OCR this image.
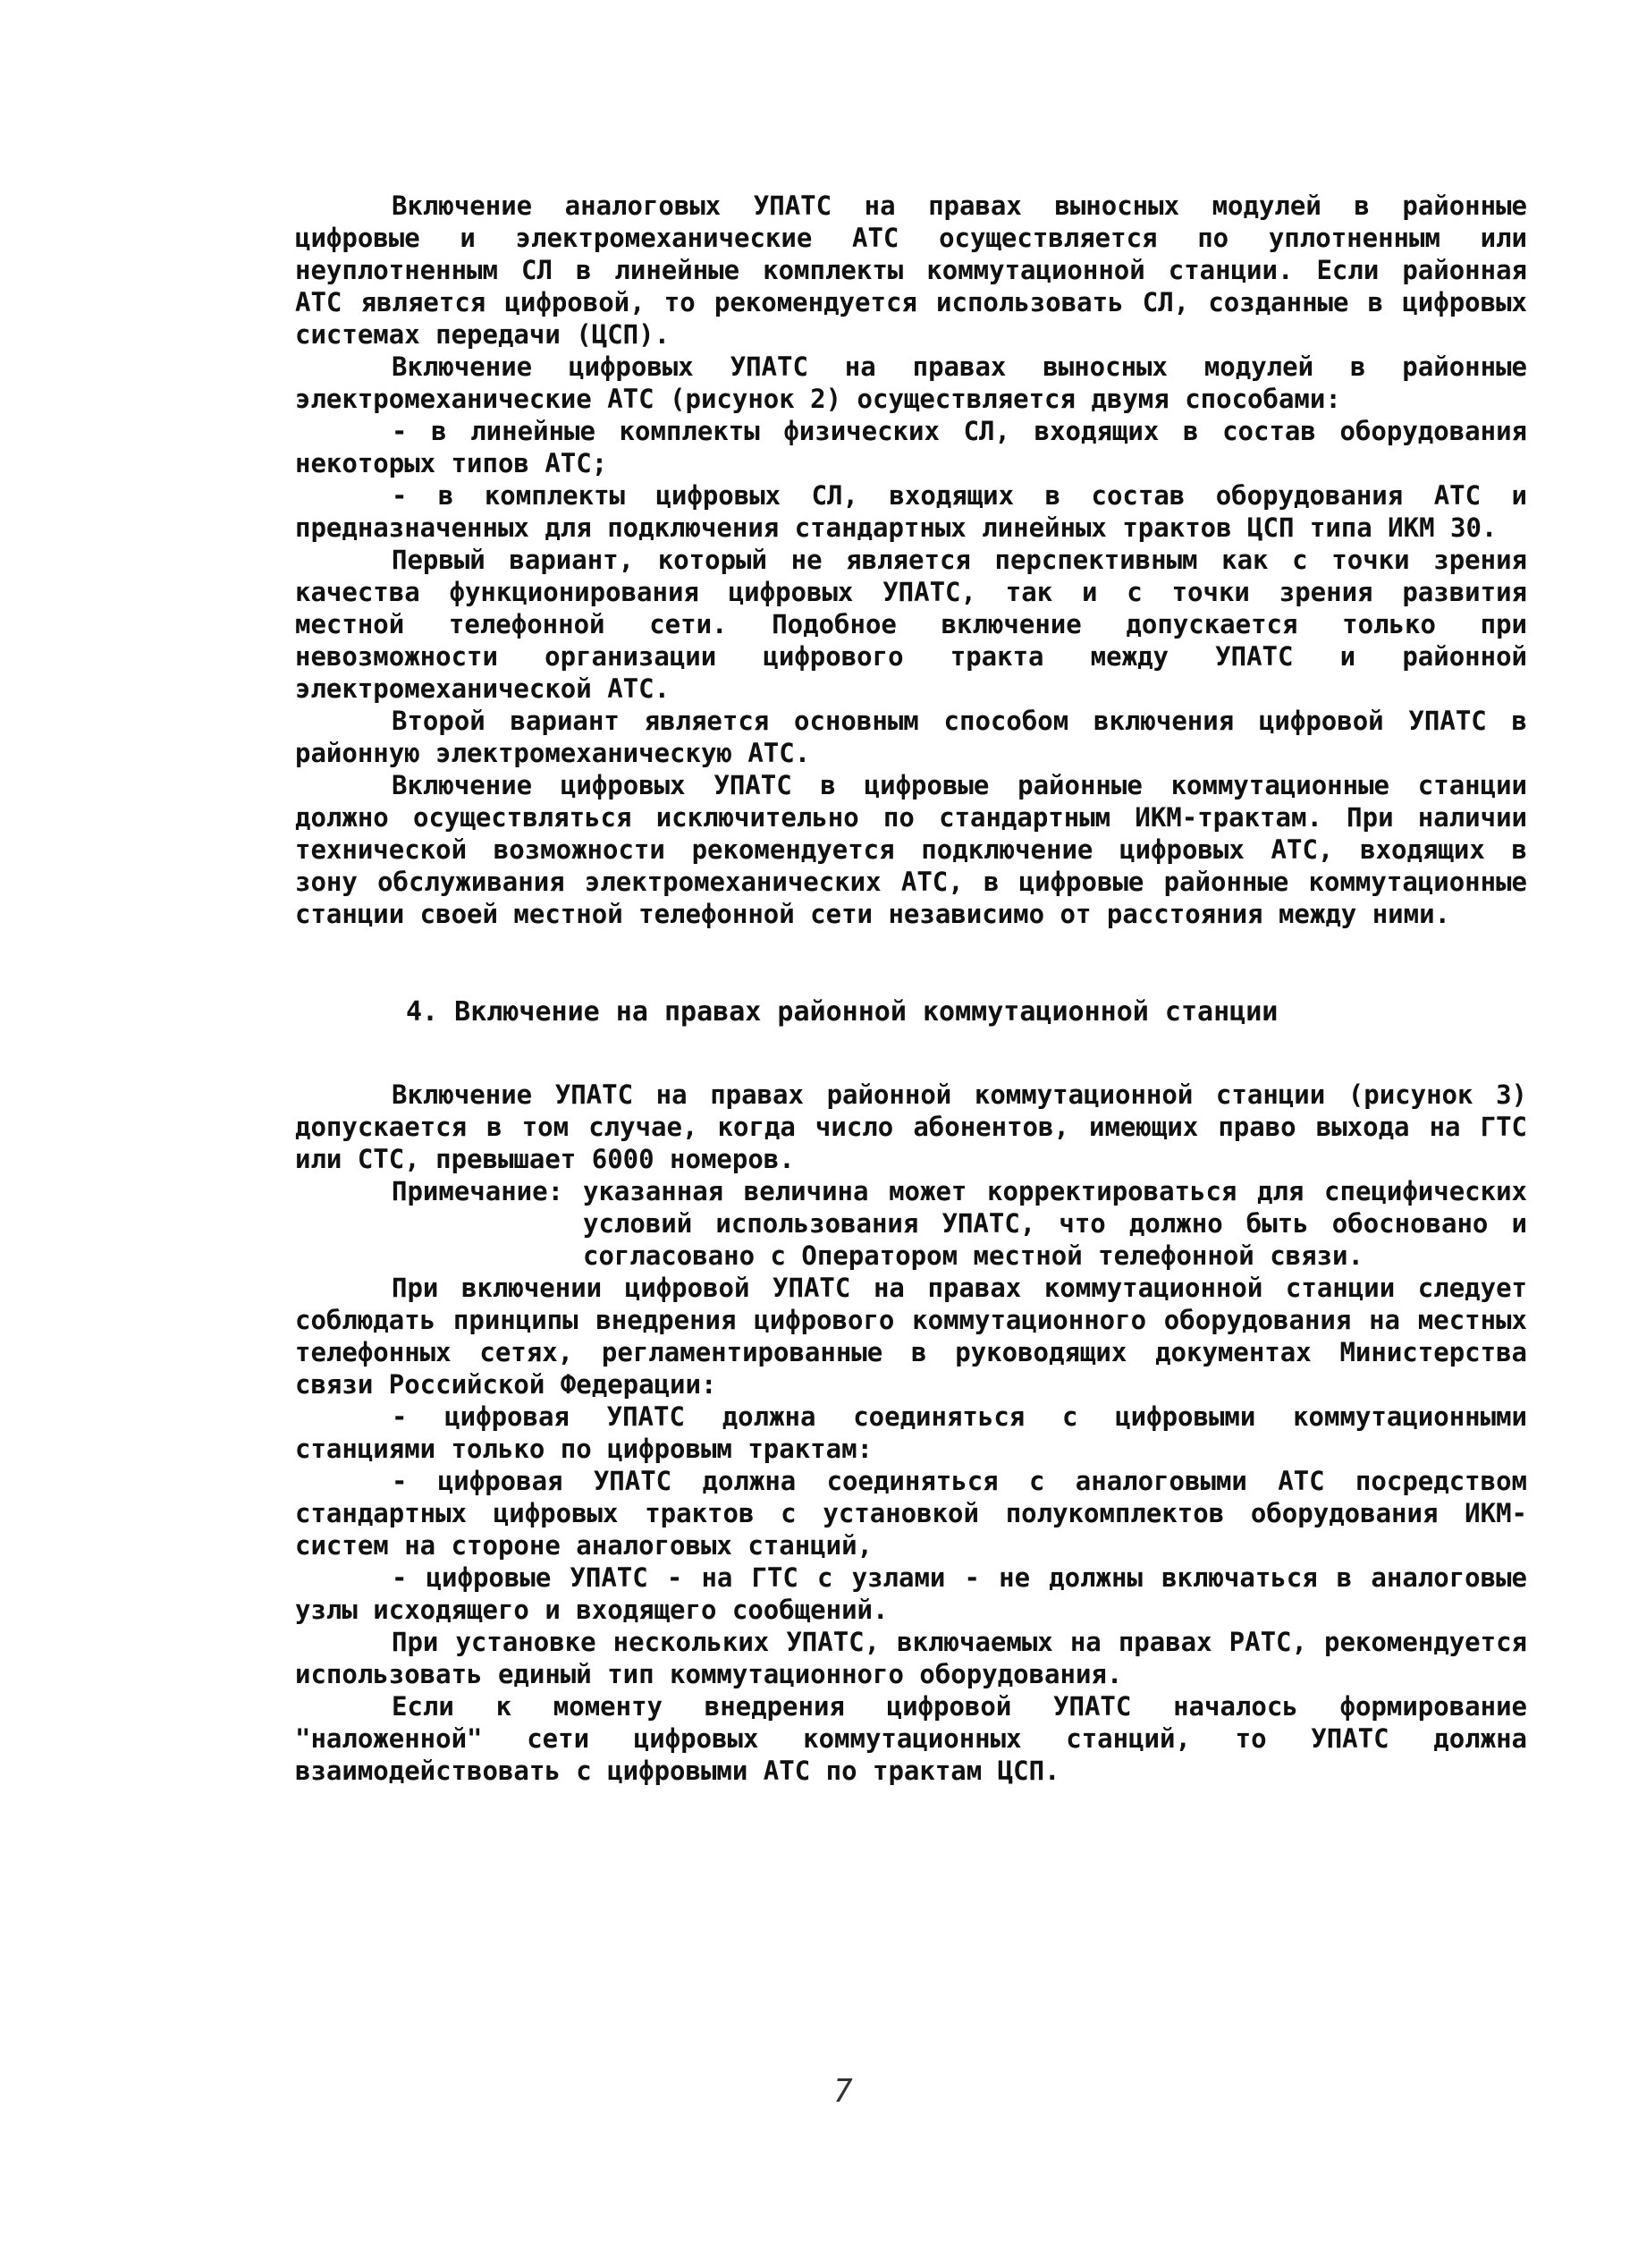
Включение аналоговых УПАТС на правах выносных модулей в районные цифровые и электромеханические АТС осуществляется по уплотненным или неуплотненным СЛ в линейные комплекты коммутационной станции. Если районная АТС является цифровой, то рекомендуется использовать СЛ, созданные в цифровых системах передачи (ЦСП).

Включение цифровых УПАТС на правах выносных модулей в районные электромеханические АТС (рисунок 2) осуществляется двумя способами:

- в линейные комплекты физических СЛ, входящих в состав оборудования некоторых типов АТС;

- в комплекты цифровых СЛ, входящих в состав оборудования АТС и предназначенных для подключения стандартных линейных трактов ЦСП типа ИКМ 30.

Первый вариант, который не является перспективным как с точки зрения качества функционирования цифровых УПАТС, так и с точки зрения развития местной телефонной сети. Подобное включение допускается только при невозможности организации цифрового тракта между УПАТС и районной электромеханической АТС.

Второй вариант является основным способом включения цифровой УПАТС в районную электромеханическую АТС.

Включение цифровых УПАТС в цифровые районные коммутационные станции должно осуществляться исключительно по стандартным ИКМ-трактам. При наличии технической возможности рекомендуется подключение цифровых АТС, входящих в зону обслуживания электромеханических АТС, в цифровые районные коммутационные станции своей местной телефонной сети независимо от расстояния между ними.

4. Включение на правах районной коммутационной станции

Включение УПАТС на правах районной коммутационной станции (рисунок 3) допускается в том случае, когда число абонентов, имеющих право выхода на ГТС или СТС, превышает 6000 номеров.

Примечание: указанная величина может корректироваться для специфических условий использования УПАТС, что должно быть обосновано и согласовано с Оператором местной телефонной связи.

При включении цифровой УПАТС на правах коммутационной станции следует соблюдать принципы внедрения цифрового коммутационного оборудования на местных телефонных сетях, регламентированные в руководящих документах Министерства связи Российской Федерации:

- цифровая УПАТС должна соединяться с цифровыми коммутационными станциями только по цифровым трактам:

- цифровая УПАТС должна соединяться с аналоговыми АТС посредством стандартных цифровых трактов с установкой полукомплектов оборудования ИКМ-систем на стороне аналоговых станций,

- цифровые УПАТС - на ГТС с узлами - не должны включаться в аналоговые узлы исходящего и входящего сообщений.

При установке нескольких УПАТС, включаемых на правах РАТС, рекомендуется использовать единый тип коммутационного оборудования.

Если к моменту внедрения цифровой УПАТС началось формирование "наложенной" сети цифровых коммутационных станций, то УПАТС должна взаимодействовать с цифровыми АТС по трактам ЦСП.

7
